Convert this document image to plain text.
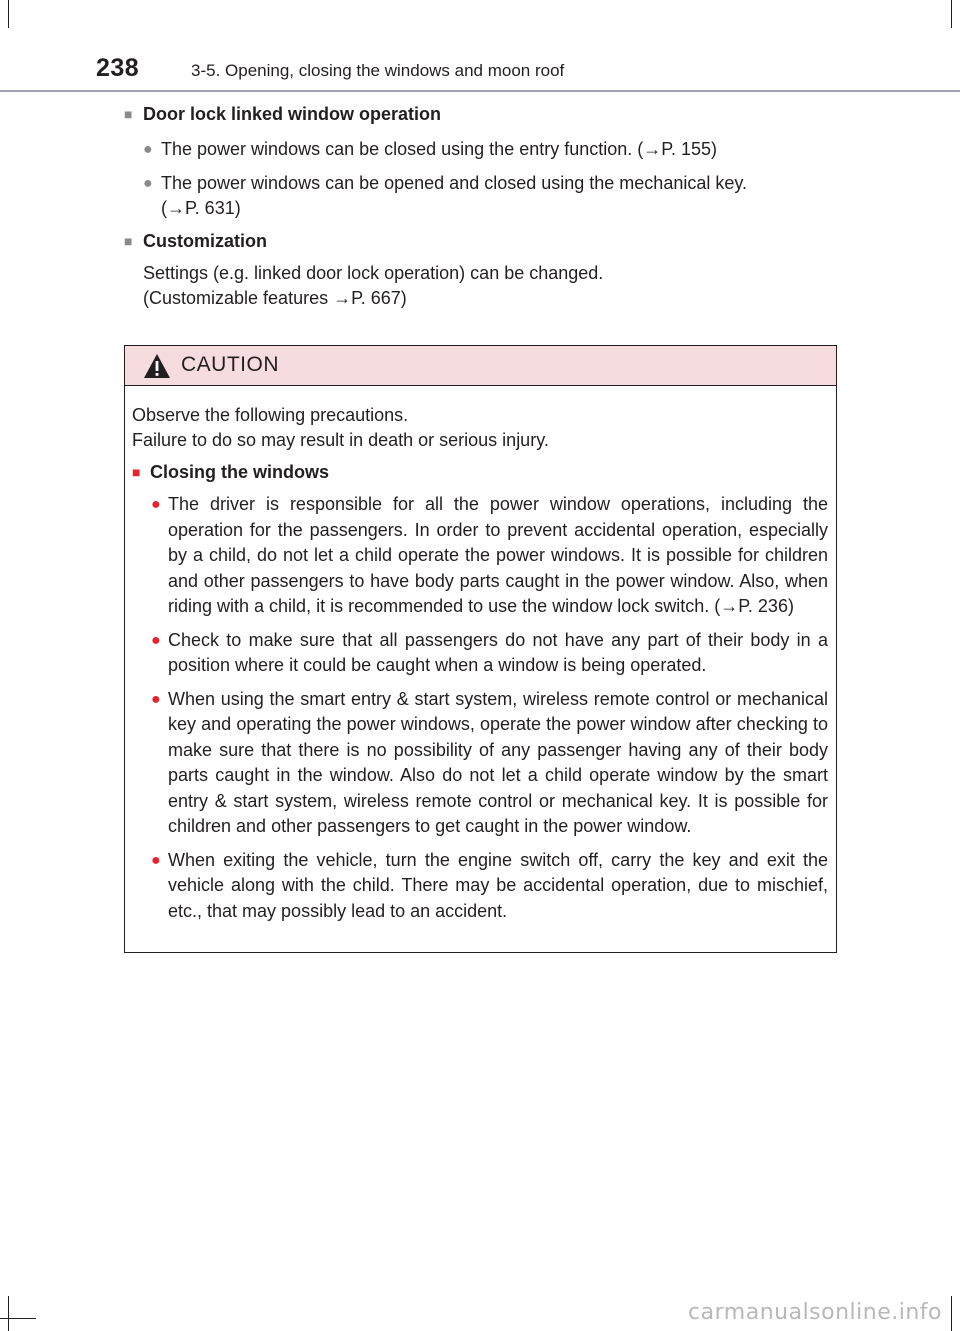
238	3-5. Opening, closing the windows and moon roof
■ Door lock linked window operation
● The power windows can be closed using the entry function. (→P. 155)
● The power windows can be opened and closed using the mechanical key. (→P. 631)
■ Customization

Settings (e.g. linked door lock operation) can be changed.

(Customizable features →P. 667)

CAUTION
Observe the following precautions.
Failure to do so may result in death or serious injury.
■ Closing the windows
● The driver is responsible for all the power window operations, including the operation for the passengers. In order to prevent accidental operation, especially by a child, do not let a child operate the power windows. It is possible for children and other passengers to have body parts caught in the power window. Also, when riding with a child, it is recommended to use the window lock switch. (→P. 236)
● Check to make sure that all passengers do not have any part of their body in a position where it could be caught when a window is being operated.
● When using the smart entry & start system, wireless remote control or mechanical key and operating the power windows, operate the power window after checking to make sure that there is no possibility of any passenger having any of their body parts caught in the window. Also do not let a child operate window by the smart entry & start system, wireless remote control or mechanical key. It is possible for children and other passengers to get caught in the power window.
● When exiting the vehicle, turn the engine switch off, carry the key and exit the vehicle along with the child. There may be accidental operation, due to mischief, etc., that may possibly lead to an accident.
carmanualsonline.info
